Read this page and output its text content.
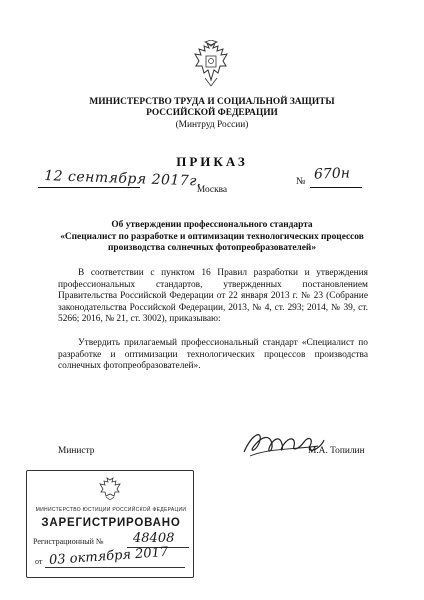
МИНИСТЕРСТВО ТРУДА И СОЦИАЛЬНОЙ ЗАЩИТЫ
РОССИЙСКОЙ ФЕДЕРАЦИИ
(Минтруд России)
ПРИКАЗ
12 сентября 2017г.
Москва
№ 670н
Об утверждении профессионального стандарта
«Специалист по разработке и оптимизации технологических процессов
производства солнечных фотопреобразователей»
В соответствии с пунктом 16 Правил разработки и утверждения профессиональных стандартов, утвержденных постановлением Правительства Российской Федерации от 22 января 2013 г. № 23 (Собрание законодательства Российской Федерации, 2013, № 4, ст. 293; 2014, № 39, ст. 5266; 2016, № 21, ст. 3002), приказываю:
Утвердить прилагаемый профессиональный стандарт «Специалист по разработке и оптимизации технологических процессов производства солнечных фотопреобразователей».
Министр	М.А. Топилин
МИНИСТЕРСТВО ЮСТИЦИИ РОССИЙСКОЙ ФЕДЕРАЦИИ
ЗАРЕГИСТРИРОВАНО
Регистрационный № 48408
от 03 октября 2017
